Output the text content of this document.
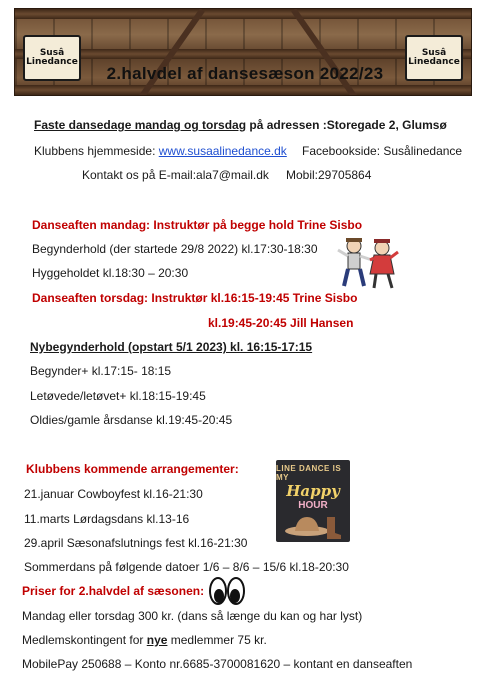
Susâ
Linedance
Susâ
Linedance
2.halvdel af dansesæson 2022/23
Faste dansedage mandag og torsdag på adressen :Storegade 2, Glumsø
Klubbens hjemmeside: www.susaalinedance.dk Facebookside: Susålinedance
Kontakt os på E-mail:ala7@mail.dk Mobil:29705864
Danseaften mandag: Instruktør på begge hold Trine Sisbo
Begynderhold (der startede 29/8 2022) kl.17:30-18:30
Hyggeholdet kl.18:30 – 20:30
Danseaften torsdag: Instruktør kl.16:15-19:45 Trine Sisbo
kl.19:45-20:45 Jill Hansen
Nybegynderhold (opstart 5/1 2023) kl. 16:15-17:15
Begynder+ kl.17:15- 18:15
Letøvede/letøvet+ kl.18:15-19:45
Oldies/gamle årsdanse kl.19:45-20:45
Klubbens kommende arrangementer:
21.januar Cowboyfest kl.16-21:30
11.marts Lørdagsdans kl.13-16
29.april Sæsonafslutnings fest kl.16-21:30
Sommerdans på følgende datoer 1/6 – 8/6 – 15/6 kl.18-20:30
LINE DANCE IS MY
Happy
HOUR
Priser for 2.halvdel af sæsonen:
Mandag eller torsdag 300 kr. (dans så længe du kan og har lyst)
Medlemskontingent for nye medlemmer 75 kr.
MobilePay 250688 – Konto nr.6685-3700081620 – kontant en danseaften
